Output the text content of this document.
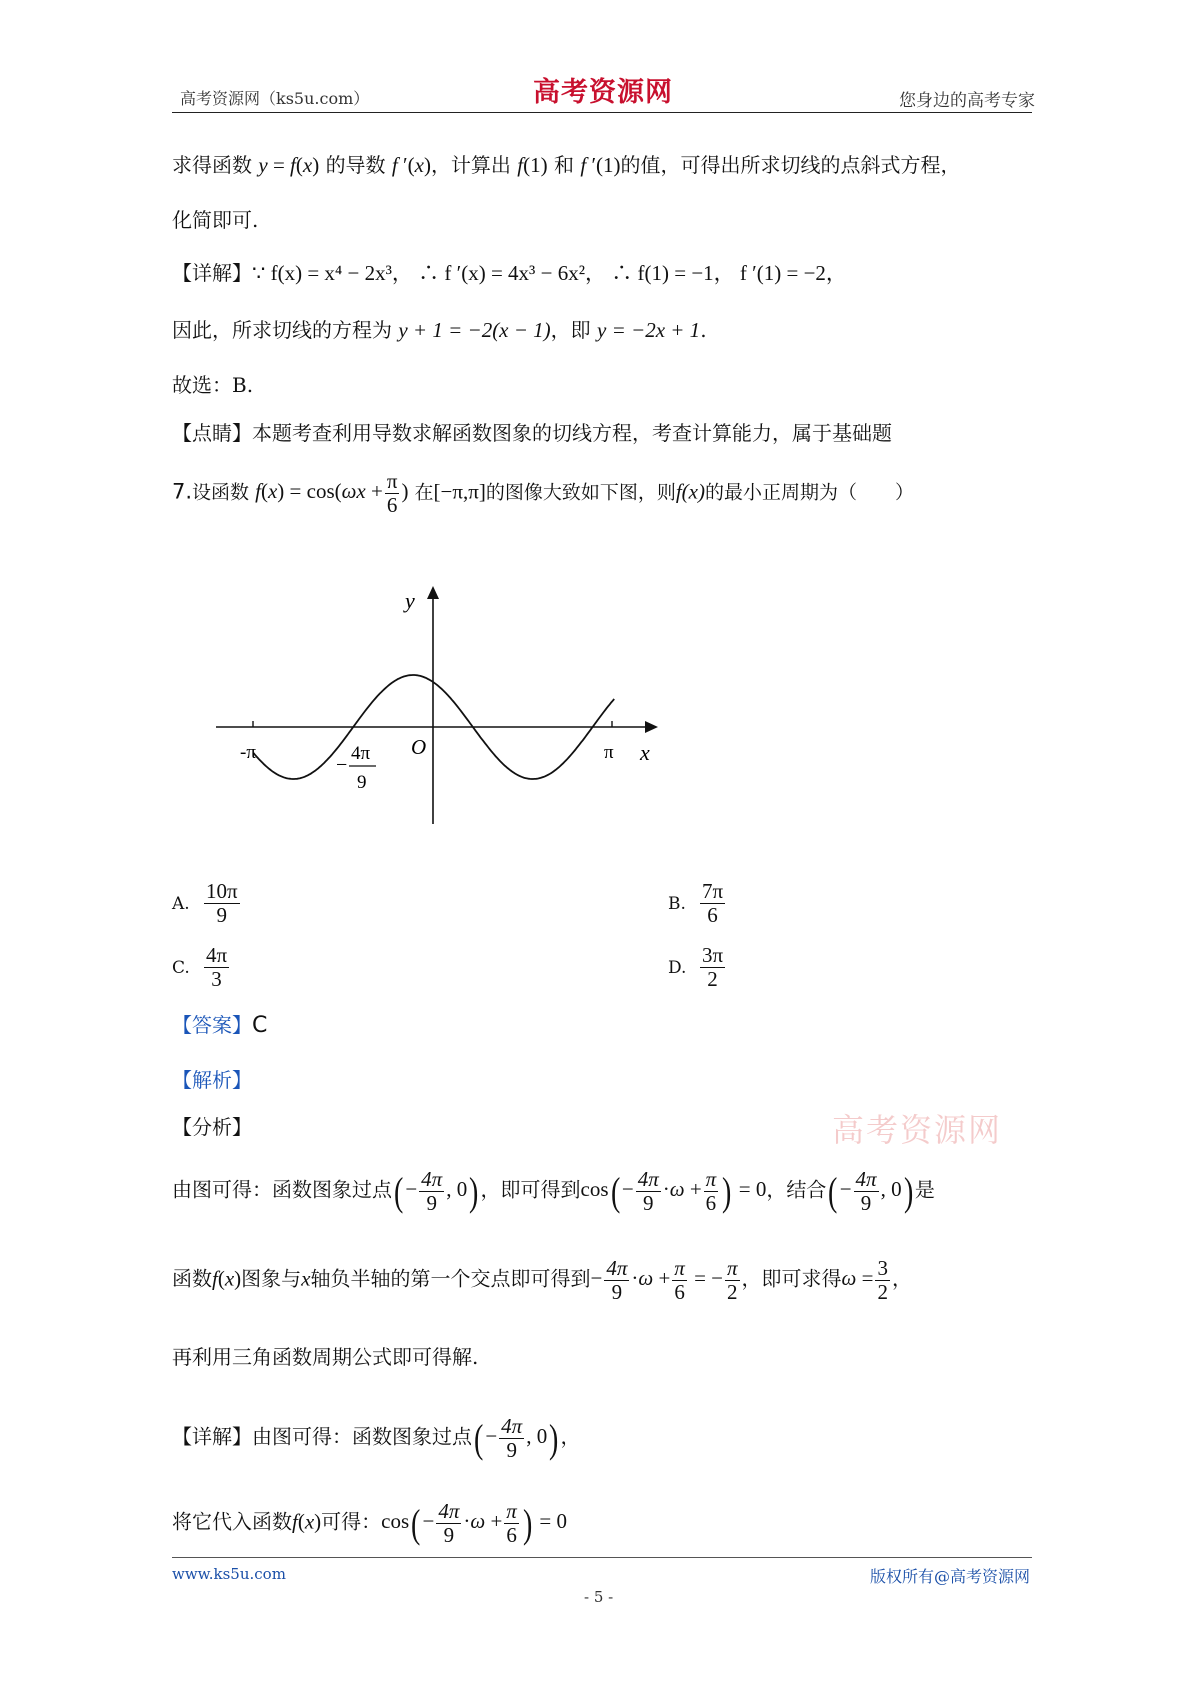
高考资源网（ks5u.com）	高考资源网	您身边的高考专家
求得函数 y = f(x) 的导数 f ′(x)，计算出 f(1) 和 f ′(1)的值，可得出所求切线的点斜式方程，
化简即可.
【详解】∵ f(x) = x⁴ − 2x³， ∴ f ′(x) = 4x³ − 6x²， ∴ f(1) = −1， f ′(1) = −2，
因此，所求切线的方程为 y + 1 = −2(x − 1)，即 y = −2x + 1.
故选：B.
【点睛】本题考查利用导数求解函数图象的切线方程，考查计算能力，属于基础题
7.设函数 $f(x) = \cos(\omega x + \frac{\pi}{6}$ ) 在[−π,π]的图像大致如下图，则f(x)的最小正周期为（　　）
y
x
O
-π	π
−
4π
9
A. $\frac{10\pi}{9}$	B. $\frac{7\pi}{6}$
C. $\frac{4\pi}{3}$	D. $\frac{3\pi}{2}$
【答案】C
【解析】
【分析】	高考资源网
由图可得：函数图象过点(− $\frac{4\pi}{9}$ , 0)，即可得到$\cos(- \frac{4\pi}{9} \cdot\omega + \frac{\pi}{6}$ ) = 0，结合(− $\frac{4\pi}{9}$ , 0)是
函数f(x)图象与x轴负半轴的第一个交点即可得到− $\frac{4\pi}{9} \cdot\omega + \frac{\pi}{6}$ = − $\frac{\pi}{2}$ ，即可求得$\omega = \frac{3}{2}$ ，
再利用三角函数周期公式即可得解.
【详解】由图可得：函数图象过点(− $\frac{4\pi}{9}$ , 0)，
将它代入函数f(x)可得：$\cos(- \frac{4\pi}{9} \cdot\omega + \frac{\pi}{6}$ ) = 0
www.ks5u.com
- 5 -
版权所有@高考资源网
